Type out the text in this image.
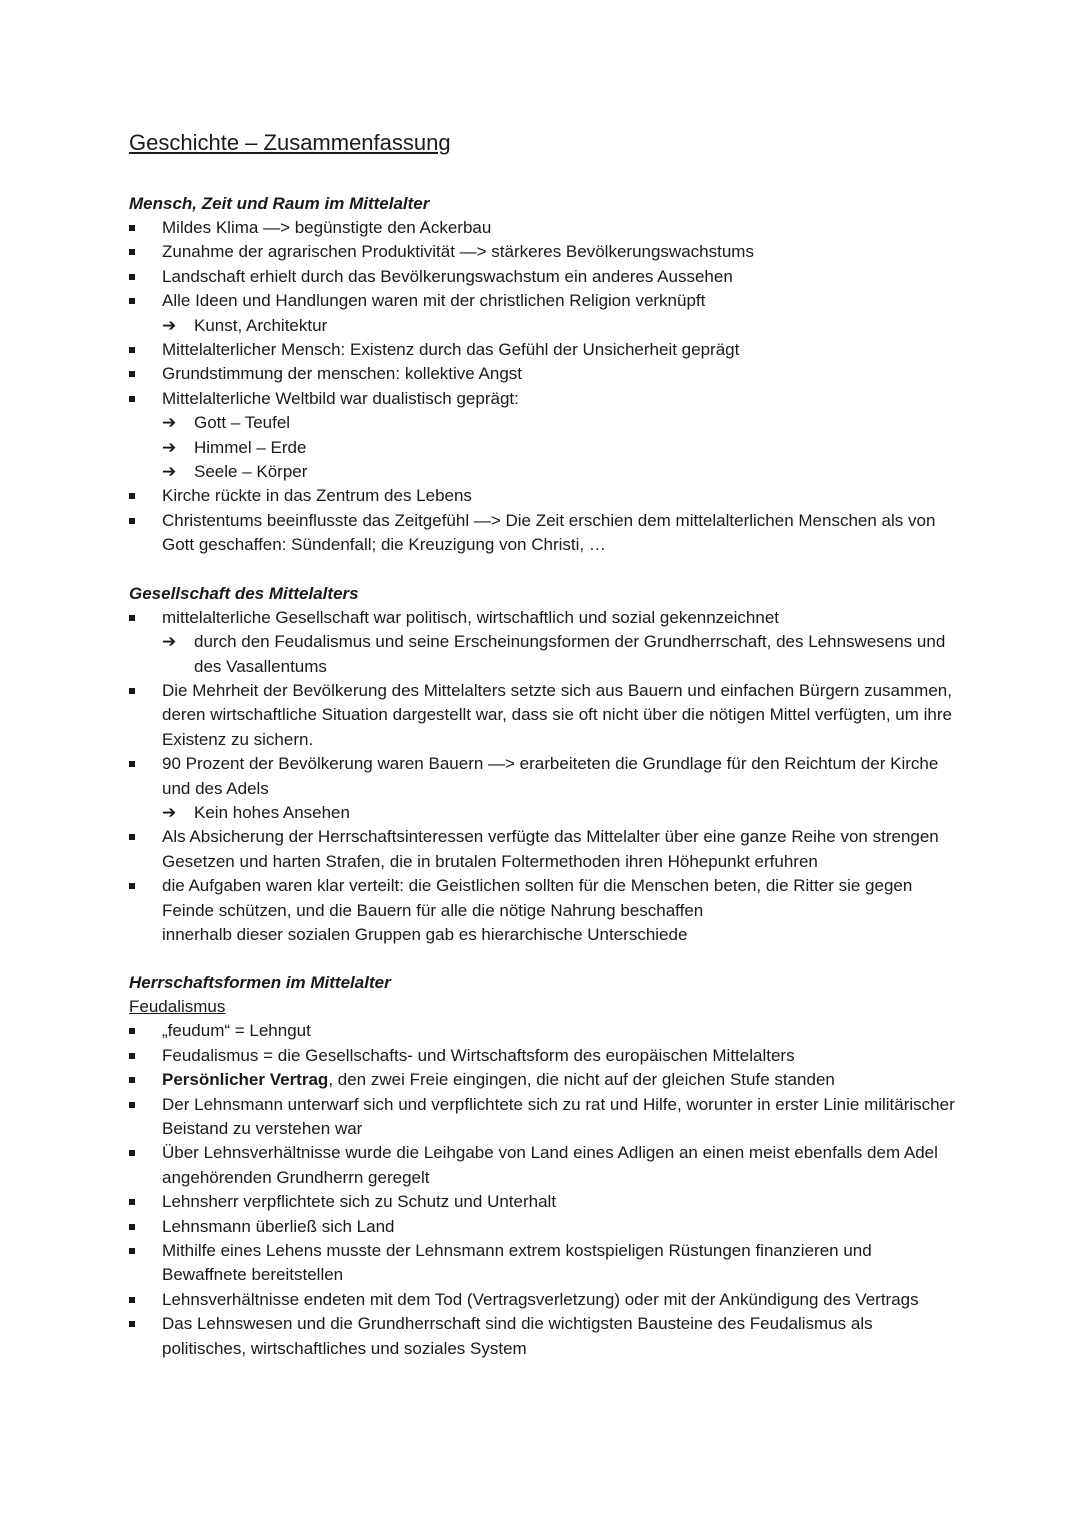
Geschichte – Zusammenfassung
Mensch, Zeit und Raum im Mittelalter
Mildes Klima —> begünstigte den Ackerbau
Zunahme der agrarischen Produktivität —> stärkeres Bevölkerungswachstums
Landschaft erhielt durch das Bevölkerungswachstum ein anderes Aussehen
Alle Ideen und Handlungen waren mit der christlichen Religion verknüpft
➔ Kunst, Architektur
Mittelalterlicher Mensch: Existenz durch das Gefühl der Unsicherheit geprägt
Grundstimmung der menschen: kollektive Angst
Mittelalterliche Weltbild war dualistisch geprägt:
➔ Gott – Teufel
➔ Himmel – Erde
➔ Seele – Körper
Kirche rückte in das Zentrum des Lebens
Christentums beeinflusste das Zeitgefühl —> Die Zeit erschien dem mittelalterlichen Menschen als von Gott geschaffen: Sündenfall; die Kreuzigung von Christi, …
Gesellschaft des Mittelalters
mittelalterliche Gesellschaft war politisch, wirtschaftlich und sozial gekennzeichnet
➔ durch den Feudalismus und seine Erscheinungsformen der Grundherrschaft, des Lehnswesens und des Vasallentums
Die Mehrheit der Bevölkerung des Mittelalters setzte sich aus Bauern und einfachen Bürgern zusammen, deren wirtschaftliche Situation dargestellt war, dass sie oft nicht über die nötigen Mittel verfügten, um ihre Existenz zu sichern.
90 Prozent der Bevölkerung waren Bauern —> erarbeiteten die Grundlage für den Reichtum der Kirche und des Adels
➔ Kein hohes Ansehen
Als Absicherung der Herrschaftsinteressen verfügte das Mittelalter über eine ganze Reihe von strengen Gesetzen und harten Strafen, die in brutalen Foltermethoden ihren Höhepunkt erfuhren
die Aufgaben waren klar verteilt: die Geistlichen sollten für die Menschen beten, die Ritter sie gegen Feinde schützen, und die Bauern für alle die nötige Nahrung beschaffen
innerhalb dieser sozialen Gruppen gab es hierarchische Unterschiede
Herrschaftsformen im Mittelalter
Feudalismus
„feudum“ = Lehngut
Feudalismus = die Gesellschafts- und Wirtschaftsform des europäischen Mittelalters
Persönlicher Vertrag, den zwei Freie eingingen, die nicht auf der gleichen Stufe standen
Der Lehnsmann unterwarf sich und verpflichtete sich zu rat und Hilfe, worunter in erster Linie militärischer Beistand zu verstehen war
Über Lehnsverhältnisse wurde die Leihgabe von Land eines Adligen an einen meist ebenfalls dem Adel angehörenden Grundherrn geregelt
Lehnsherr verpflichtete sich zu Schutz und Unterhalt
Lehnsmann überließ sich Land
Mithilfe eines Lehens musste der Lehnsmann extrem kostspieligen Rüstungen finanzieren und Bewaffnete bereitstellen
Lehnsverhältnisse endeten mit dem Tod (Vertragsverletzung) oder mit der Ankündigung des Vertrags
Das Lehnswesen und die Grundherrschaft sind die wichtigsten Bausteine des Feudalismus als politisches, wirtschaftliches und soziales System
